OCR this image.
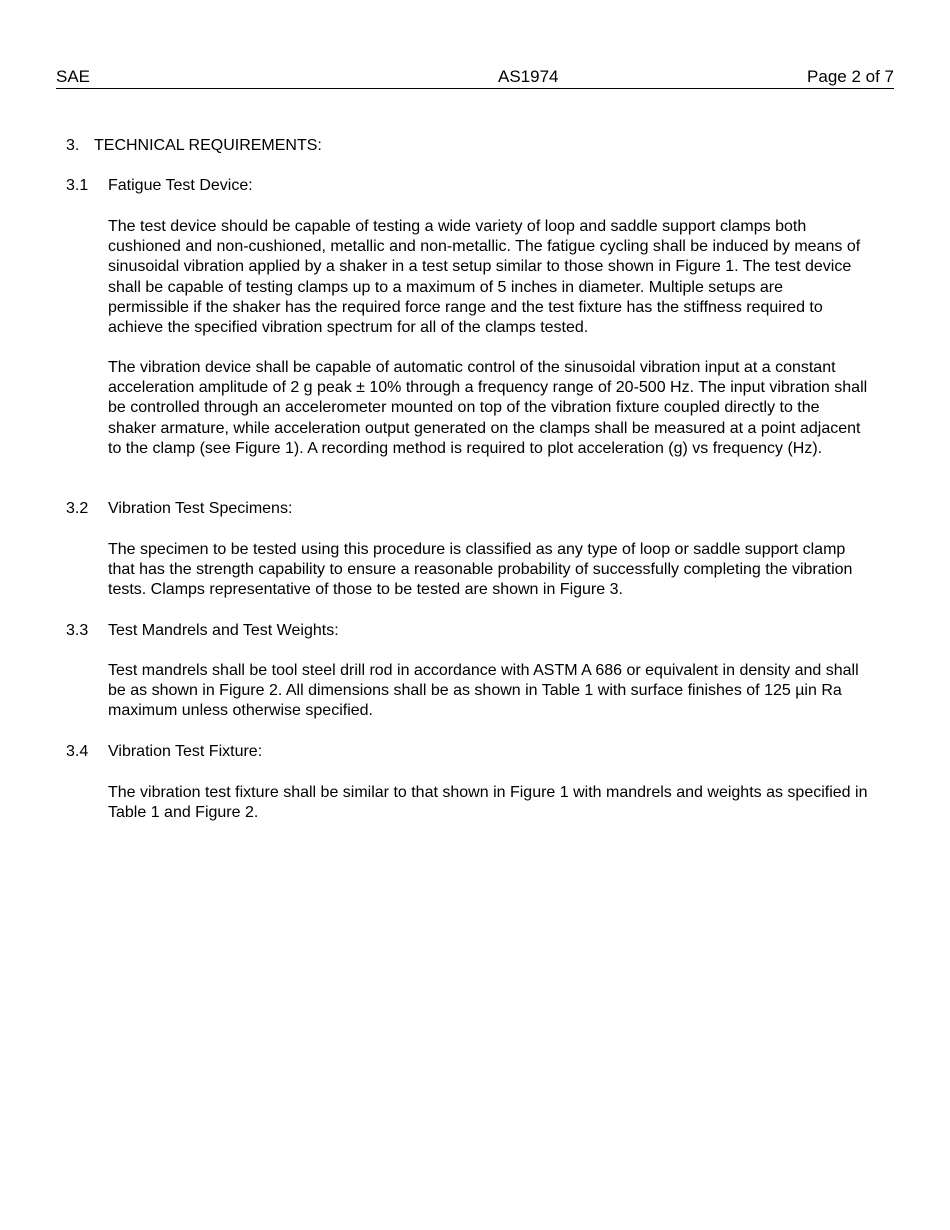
SAE	AS1974	Page 2 of 7
3. TECHNICAL REQUIREMENTS:
3.1 Fatigue Test Device:

The test device should be capable of testing a wide variety of loop and saddle support clamps both cushioned and non-cushioned, metallic and non-metallic. The fatigue cycling shall be induced by means of sinusoidal vibration applied by a shaker in a test setup similar to those shown in Figure 1. The test device shall be capable of testing clamps up to a maximum of 5 inches in diameter. Multiple setups are permissible if the shaker has the required force range and the test fixture has the stiffness required to achieve the specified vibration spectrum for all of the clamps tested.

The vibration device shall be capable of automatic control of the sinusoidal vibration input at a constant acceleration amplitude of 2 g peak ± 10% through a frequency range of 20-500 Hz. The input vibration shall be controlled through an accelerometer mounted on top of the vibration fixture coupled directly to the shaker armature, while acceleration output generated on the clamps shall be measured at a point adjacent to the clamp (see Figure 1). A recording method is required to plot acceleration (g) vs frequency (Hz).

3.2 Vibration Test Specimens:

The specimen to be tested using this procedure is classified as any type of loop or saddle support clamp that has the strength capability to ensure a reasonable probability of successfully completing the vibration tests. Clamps representative of those to be tested are shown in Figure 3.

3.3 Test Mandrels and Test Weights:

Test mandrels shall be tool steel drill rod in accordance with ASTM A 686 or equivalent in density and shall be as shown in Figure 2. All dimensions shall be as shown in Table 1 with surface finishes of 125 µin Ra maximum unless otherwise specified.

3.4 Vibration Test Fixture:

The vibration test fixture shall be similar to that shown in Figure 1 with mandrels and weights as specified in Table 1 and Figure 2.
